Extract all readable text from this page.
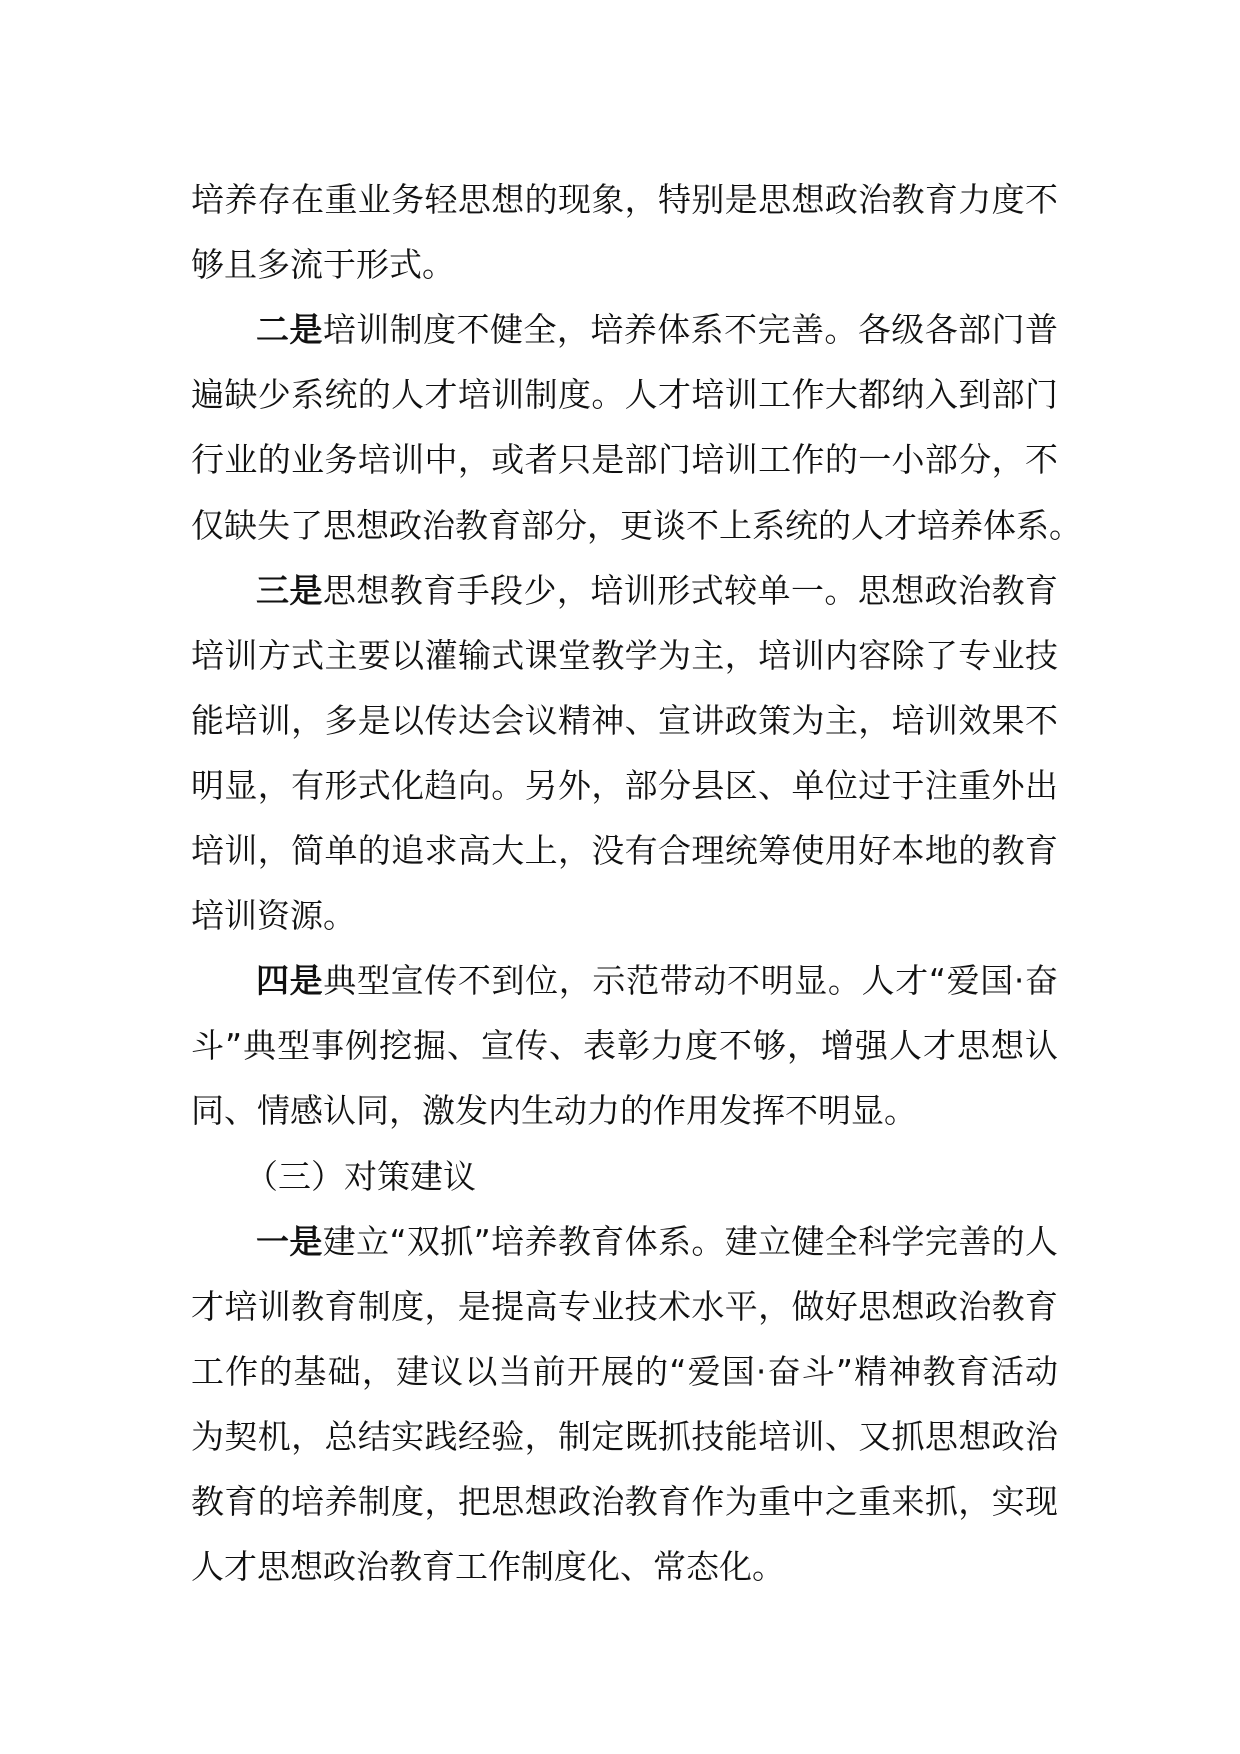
培养存在重业务轻思想的现象，特别是思想政治教育力度不
够且多流于形式。
二是培训制度不健全，培养体系不完善。各级各部门普
遍缺少系统的人才培训制度。人才培训工作大都纳入到部门
行业的业务培训中，或者只是部门培训工作的一小部分，不
仅缺失了思想政治教育部分，更谈不上系统的人才培养体系。
三是思想教育手段少，培训形式较单一。思想政治教育
培训方式主要以灌输式课堂教学为主，培训内容除了专业技
能培训，多是以传达会议精神、宣讲政策为主，培训效果不
明显，有形式化趋向。另外，部分县区、单位过于注重外出
培训，简单的追求高大上，没有合理统筹使用好本地的教育
培训资源。
四是典型宣传不到位，示范带动不明显。人才“爱国·奋
斗”典型事例挖掘、宣传、表彰力度不够，增强人才思想认
同、情感认同，激发内生动力的作用发挥不明显。
（三）对策建议
一是建立“双抓”培养教育体系。建立健全科学完善的人
才培训教育制度，是提高专业技术水平，做好思想政治教育
工作的基础，建议以当前开展的“爱国·奋斗”精神教育活动
为契机，总结实践经验，制定既抓技能培训、又抓思想政治
教育的培养制度，把思想政治教育作为重中之重来抓，实现
人才思想政治教育工作制度化、常态化。
